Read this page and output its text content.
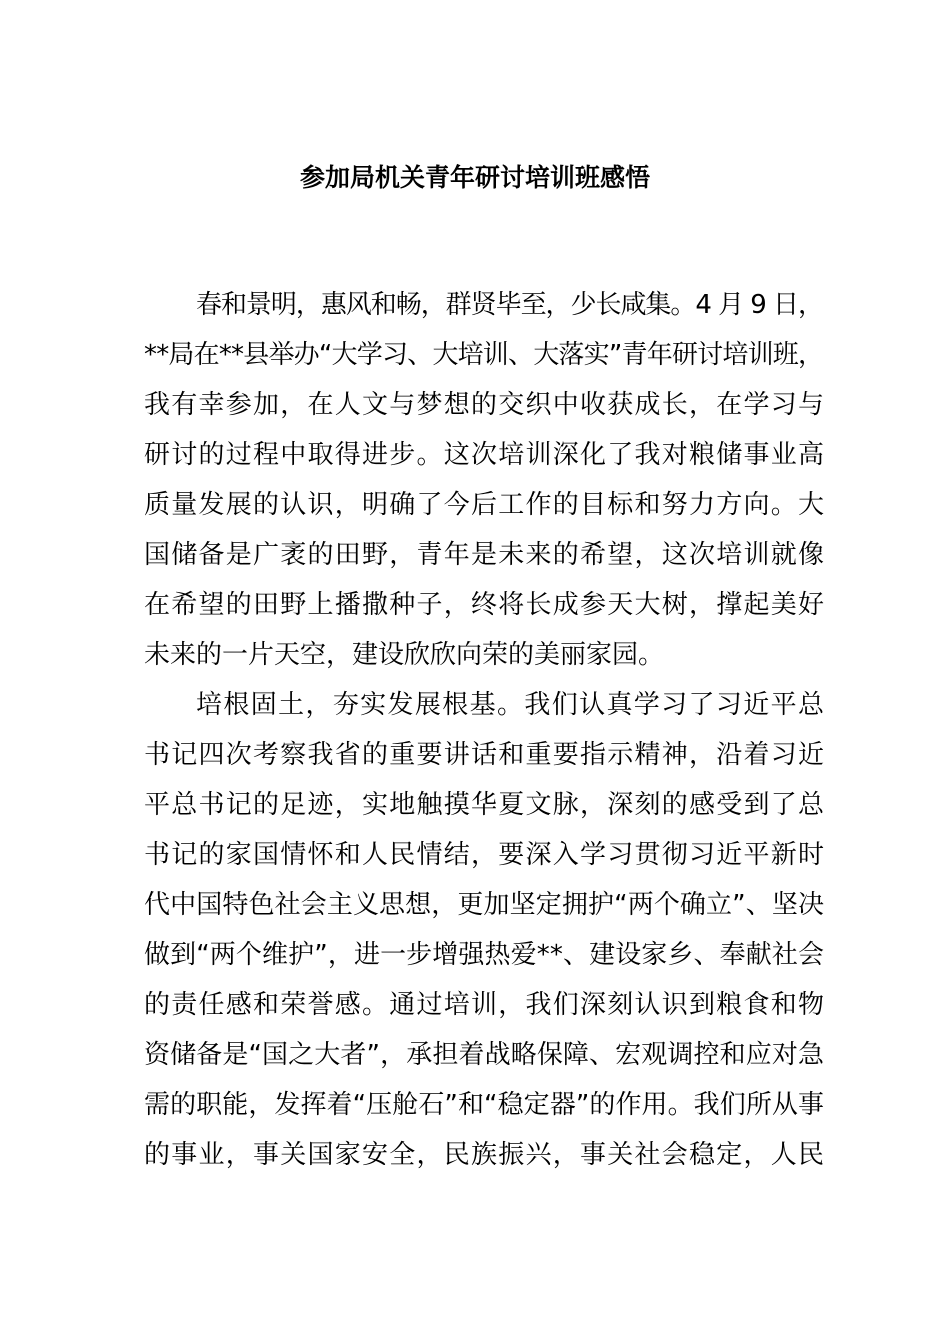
参加局机关青年研讨培训班感悟
春和景明，惠风和畅，群贤毕至，少长咸集。4 月 9 日，
**局在**县举办“大学习、大培训、大落实”青年研讨培训班，
我有幸参加，在人文与梦想的交织中收获成长，在学习与
研讨的过程中取得进步。这次培训深化了我对粮储事业高
质量发展的认识，明确了今后工作的目标和努力方向。大
国储备是广袤的田野，青年是未来的希望，这次培训就像
在希望的田野上播撒种子，终将长成参天大树，撑起美好
未来的一片天空，建设欣欣向荣的美丽家园。
培根固土，夯实发展根基。我们认真学习了习近平总
书记四次考察我省的重要讲话和重要指示精神，沿着习近
平总书记的足迹，实地触摸华夏文脉，深刻的感受到了总
书记的家国情怀和人民情结，要深入学习贯彻习近平新时
代中国特色社会主义思想，更加坚定拥护“两个确立”、坚决
做到“两个维护”，进一步增强热爱**、建设家乡、奉献社会
的责任感和荣誉感。通过培训，我们深刻认识到粮食和物
资储备是“国之大者”，承担着战略保障、宏观调控和应对急
需的职能，发挥着“压舱石”和“稳定器”的作用。我们所从事
的事业，事关国家安全，民族振兴，事关社会稳定，人民
